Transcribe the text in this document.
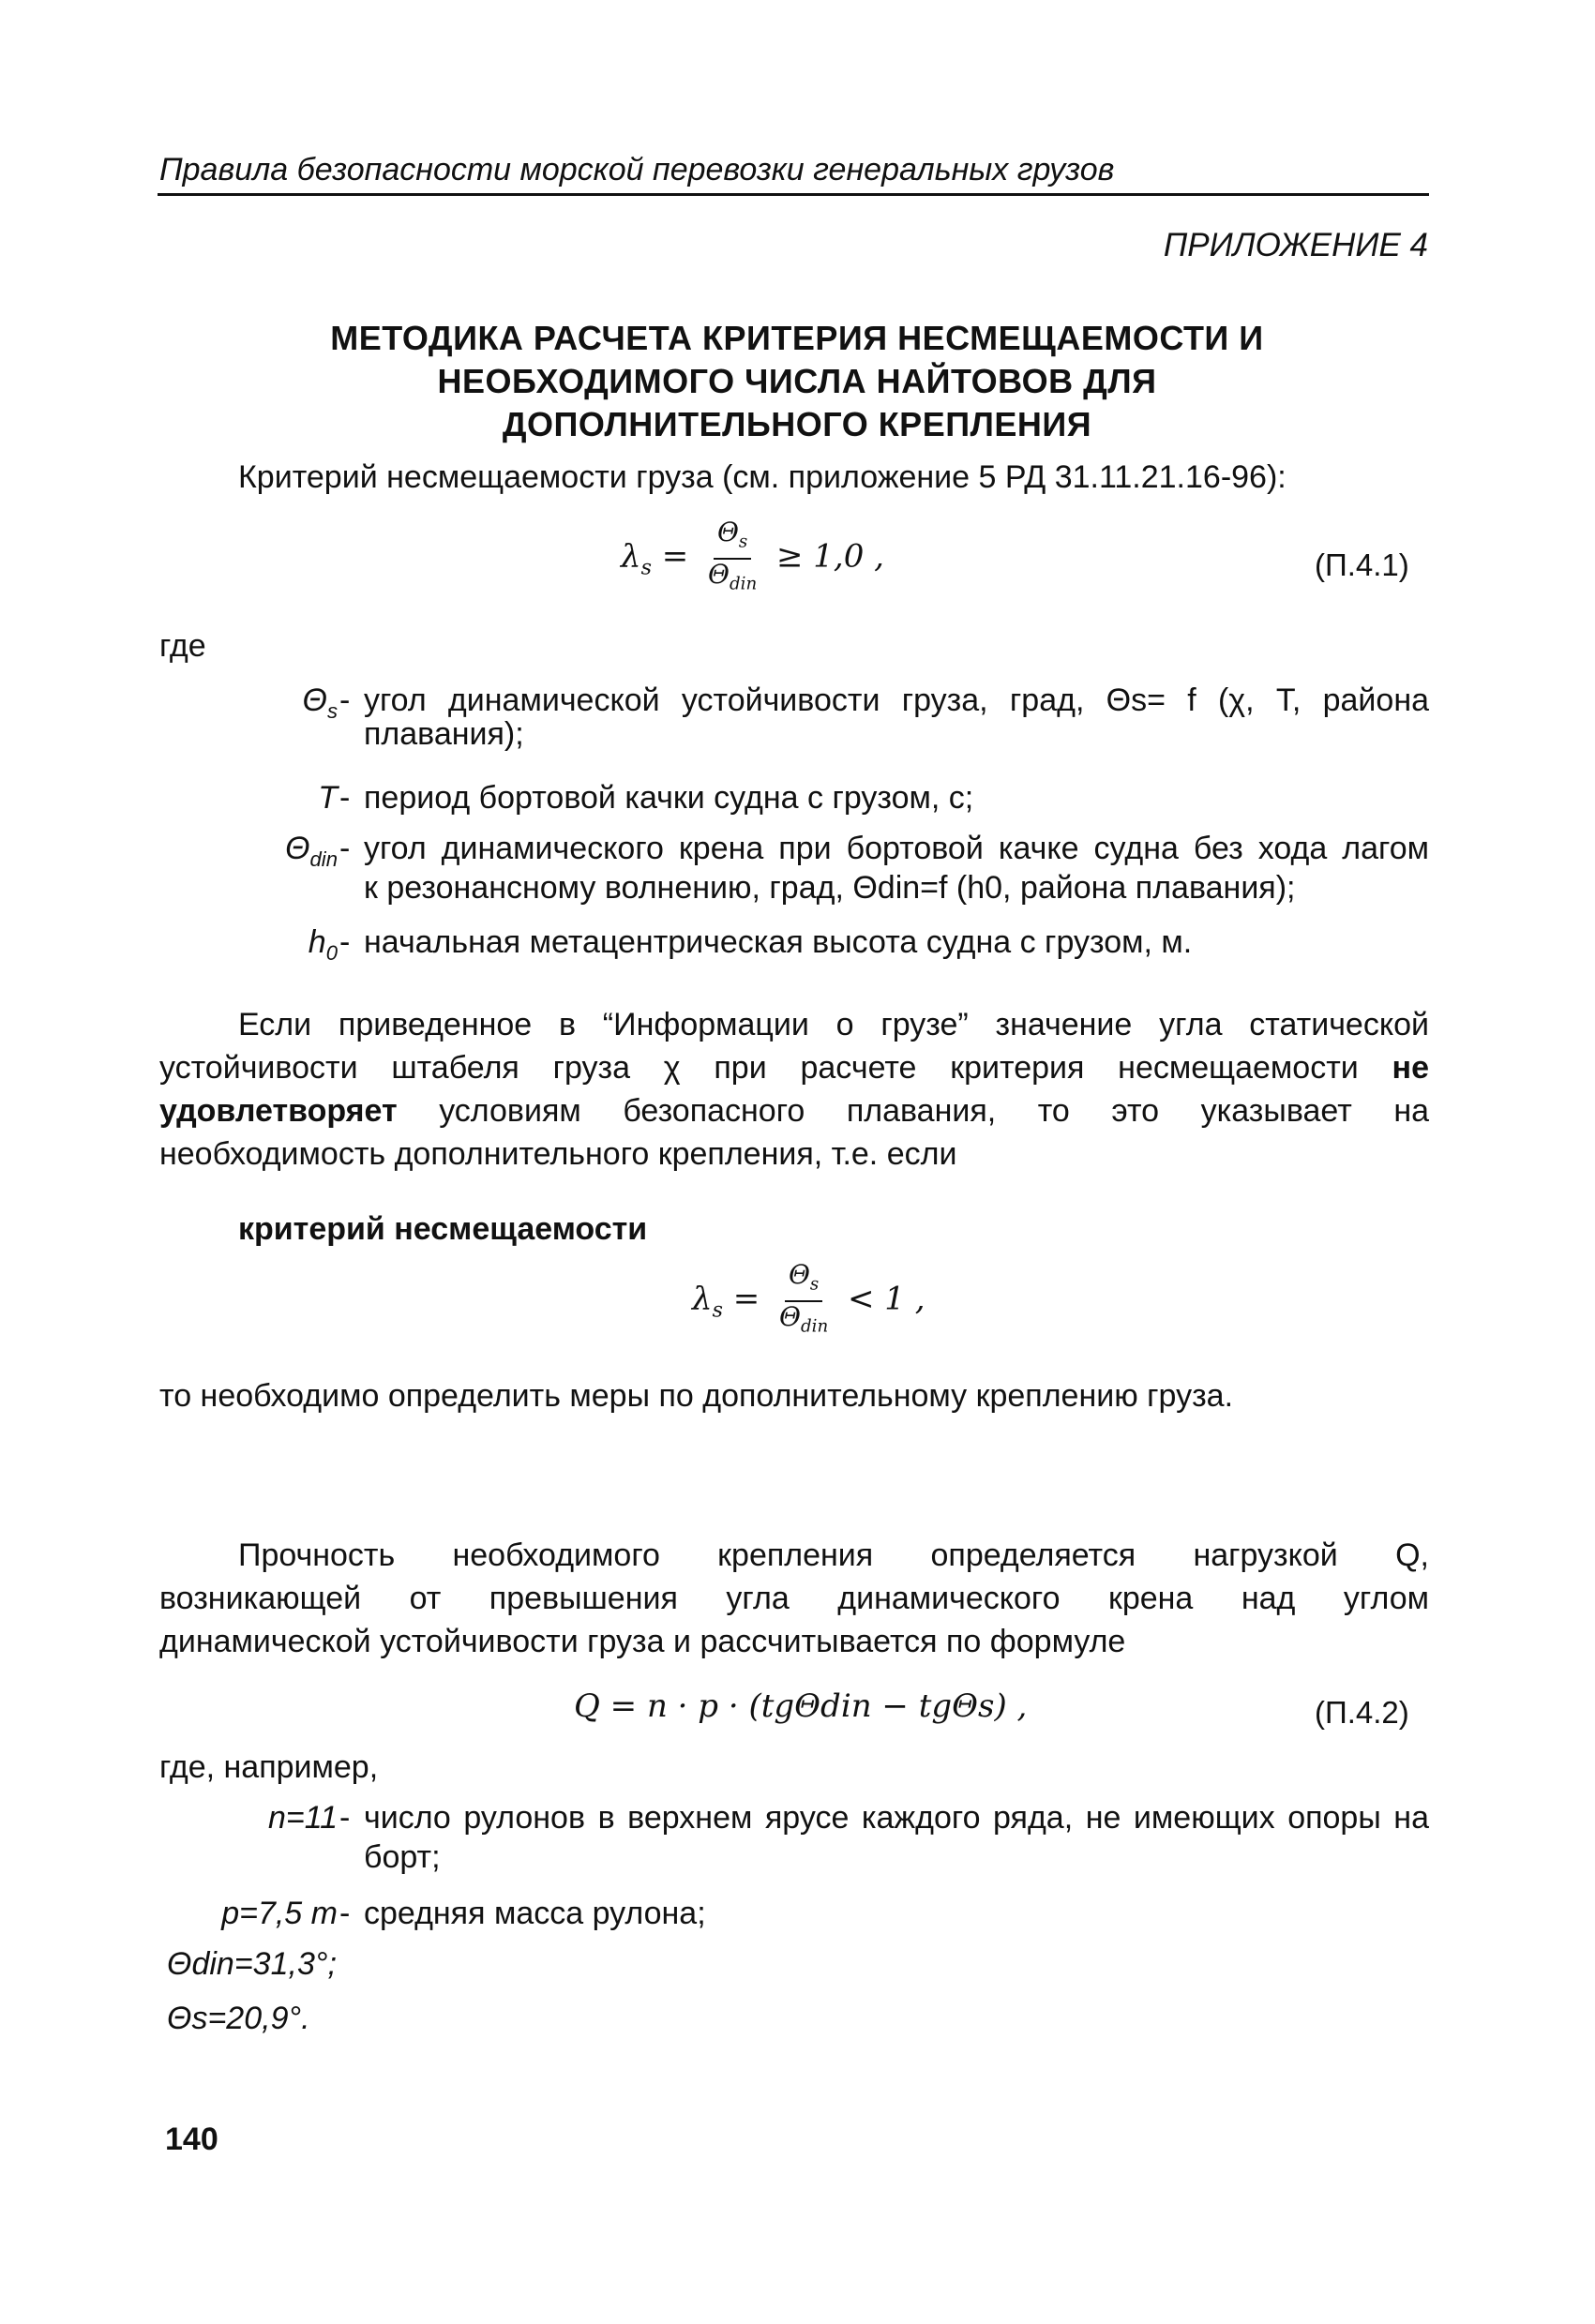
Правила безопасности морской перевозки генеральных грузов
ПРИЛОЖЕНИЕ 4
МЕТОДИКА РАСЧЕТА КРИТЕРИЯ НЕСМЕЩАЕМОСТИ И
НЕОБХОДИМОГО ЧИСЛА НАЙТОВОВ ДЛЯ
ДОПОЛНИТЕЛЬНОГО КРЕПЛЕНИЯ
Критерий несмещаемости груза (см. приложение 5 РД 31.11.21.16-96):
$\lambda_s = \frac{\Theta_s}{\Theta_{din}} \ge 1,0$ ,	(П.4.1)
где
$\Theta_s$ - угол динамической устойчивости груза, град, Θs= f (χ, T, района
плавания);
T - период бортовой качки судна с грузом, с;
$\Theta_{din}$ - угол динамического крена при бортовой качке судна без хода лагом
к резонансному волнению, град, Θdin=f (h0, района плавания);
$h_0$ - начальная метацентрическая высота судна с грузом, м.
Если приведенное в “Информации о грузе” значение угла статической
устойчивости штабеля груза χ при расчете критерия несмещаемости не
удовлетворяет условиям безопасного плавания, то это указывает на
необходимость дополнительного крепления, т.е. если
критерий несмещаемости
$\lambda_s = \frac{\Theta_s}{\Theta_{din}} < 1$ ,
то необходимо определить меры по дополнительному креплению груза.
Прочность необходимого крепления определяется нагрузкой Q,
возникающей от превышения угла динамического крена над углом
динамической устойчивости груза и рассчитывается по формуле
Q = n · p · (tgΘdin − tgΘs) ,	(П.4.2)
где, например,
n=11 - число рулонов в верхнем ярусе каждого ряда, не имеющих опоры на
борт;
p=7,5 т - средняя масса рулона;
Θdin=31,3°;
Θs=20,9°.
140
